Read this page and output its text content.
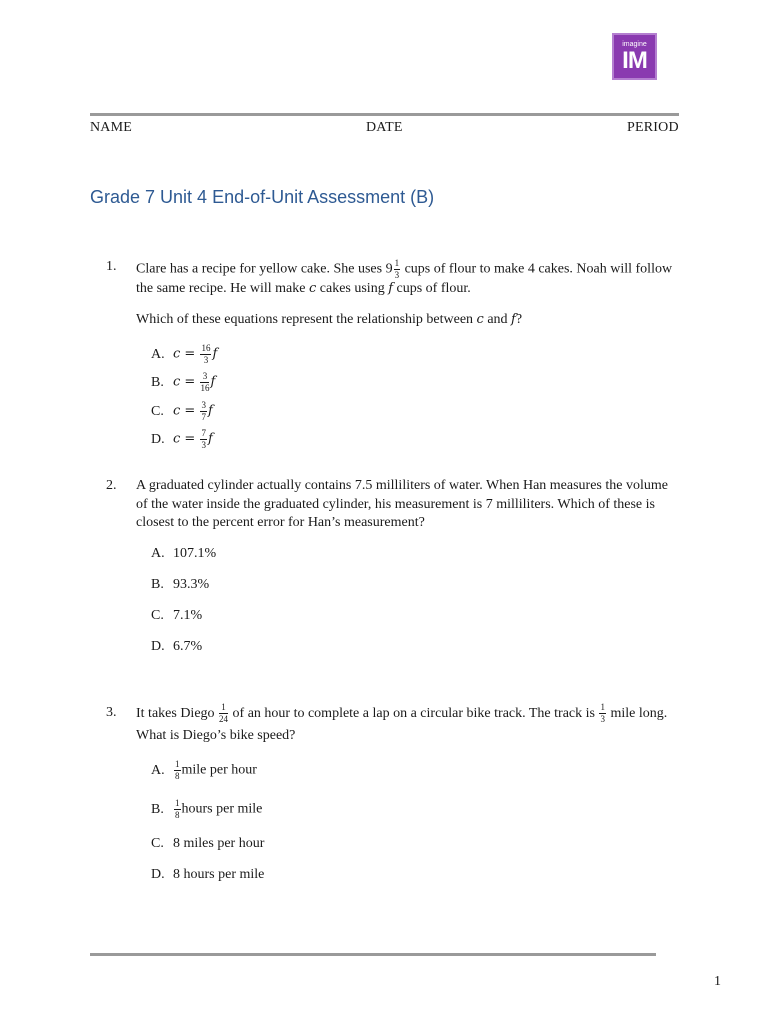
imagine
IM
NAME	DATE	PERIOD
Grade 7 Unit 4 End-of-Unit Assessment (B)
1. Clare has a recipe for yellow cake. She uses $9 \frac{1}{3}$ cups of flour to make 4 cakes. Noah will follow the same recipe. He will make c cakes using f cups of flour.
Which of these equations represent the relationship between c and f?
A. $c = \frac{16}{3}$ f
B. $c = \frac{3}{16}$ f
C. $c = \frac{3}{7}$ f
D. $c = \frac{7}{3}$ f
2. A graduated cylinder actually contains 7.5 milliliters of water. When Han measures the volume of the water inside the graduated cylinder, his measurement is 7 milliliters. Which of these is closest to the percent error for Han’s measurement?
A. 107.1%
B. 93.3%
C. 7.1%
D. 6.7%
3. It takes Diego $\frac{1}{24}$ of an hour to complete a lap on a circular bike track. The track is $\frac{1}{3}$ mile long. What is Diego’s bike speed?
A. $\frac{1}{8}$ mile per hour
B. $\frac{1}{8}$ hours per mile
C. 8 miles per hour
D. 8 hours per mile
1
